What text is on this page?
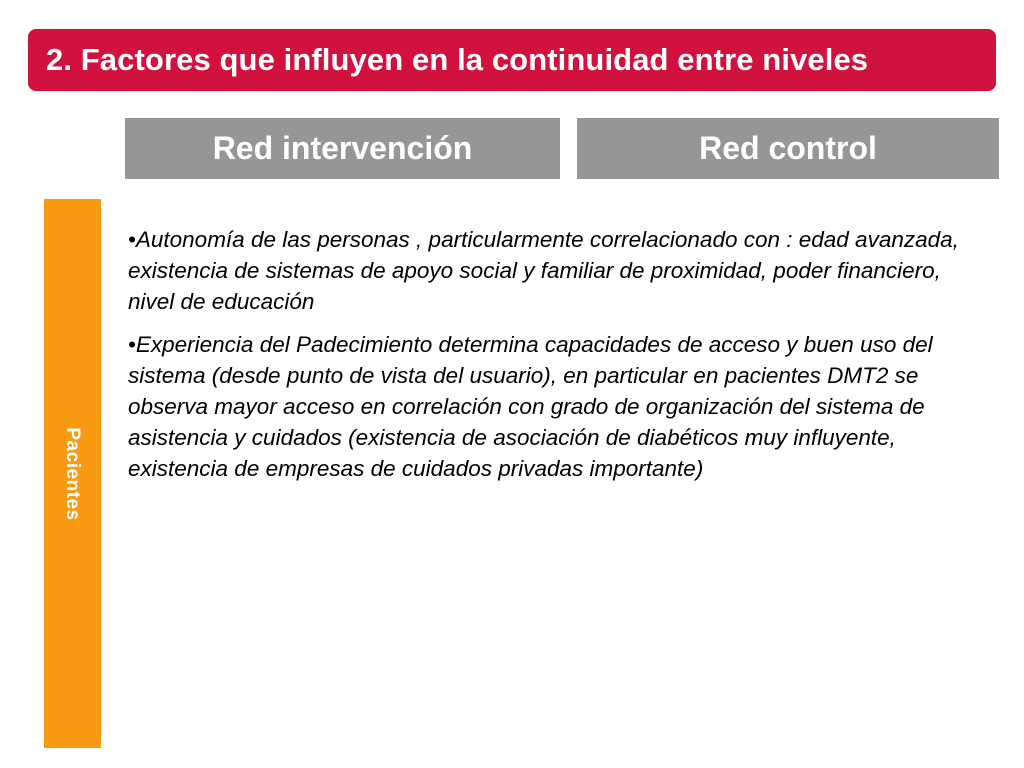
2. Factores que influyen en la continuidad entre niveles
Red intervención	Red control
Pacientes

•Autonomía de las personas , particularmente correlacionado con : edad avanzada, existencia de sistemas de apoyo social y familiar de proximidad, poder financiero, nivel de educación

•Experiencia del Padecimiento determina capacidades de acceso y buen uso del sistema (desde punto de vista del usuario), en particular en pacientes DMT2 se observa mayor acceso en correlación con grado de organización del sistema de asistencia y cuidados (existencia de asociación de diabéticos muy influyente, existencia de empresas de cuidados privadas importante)
